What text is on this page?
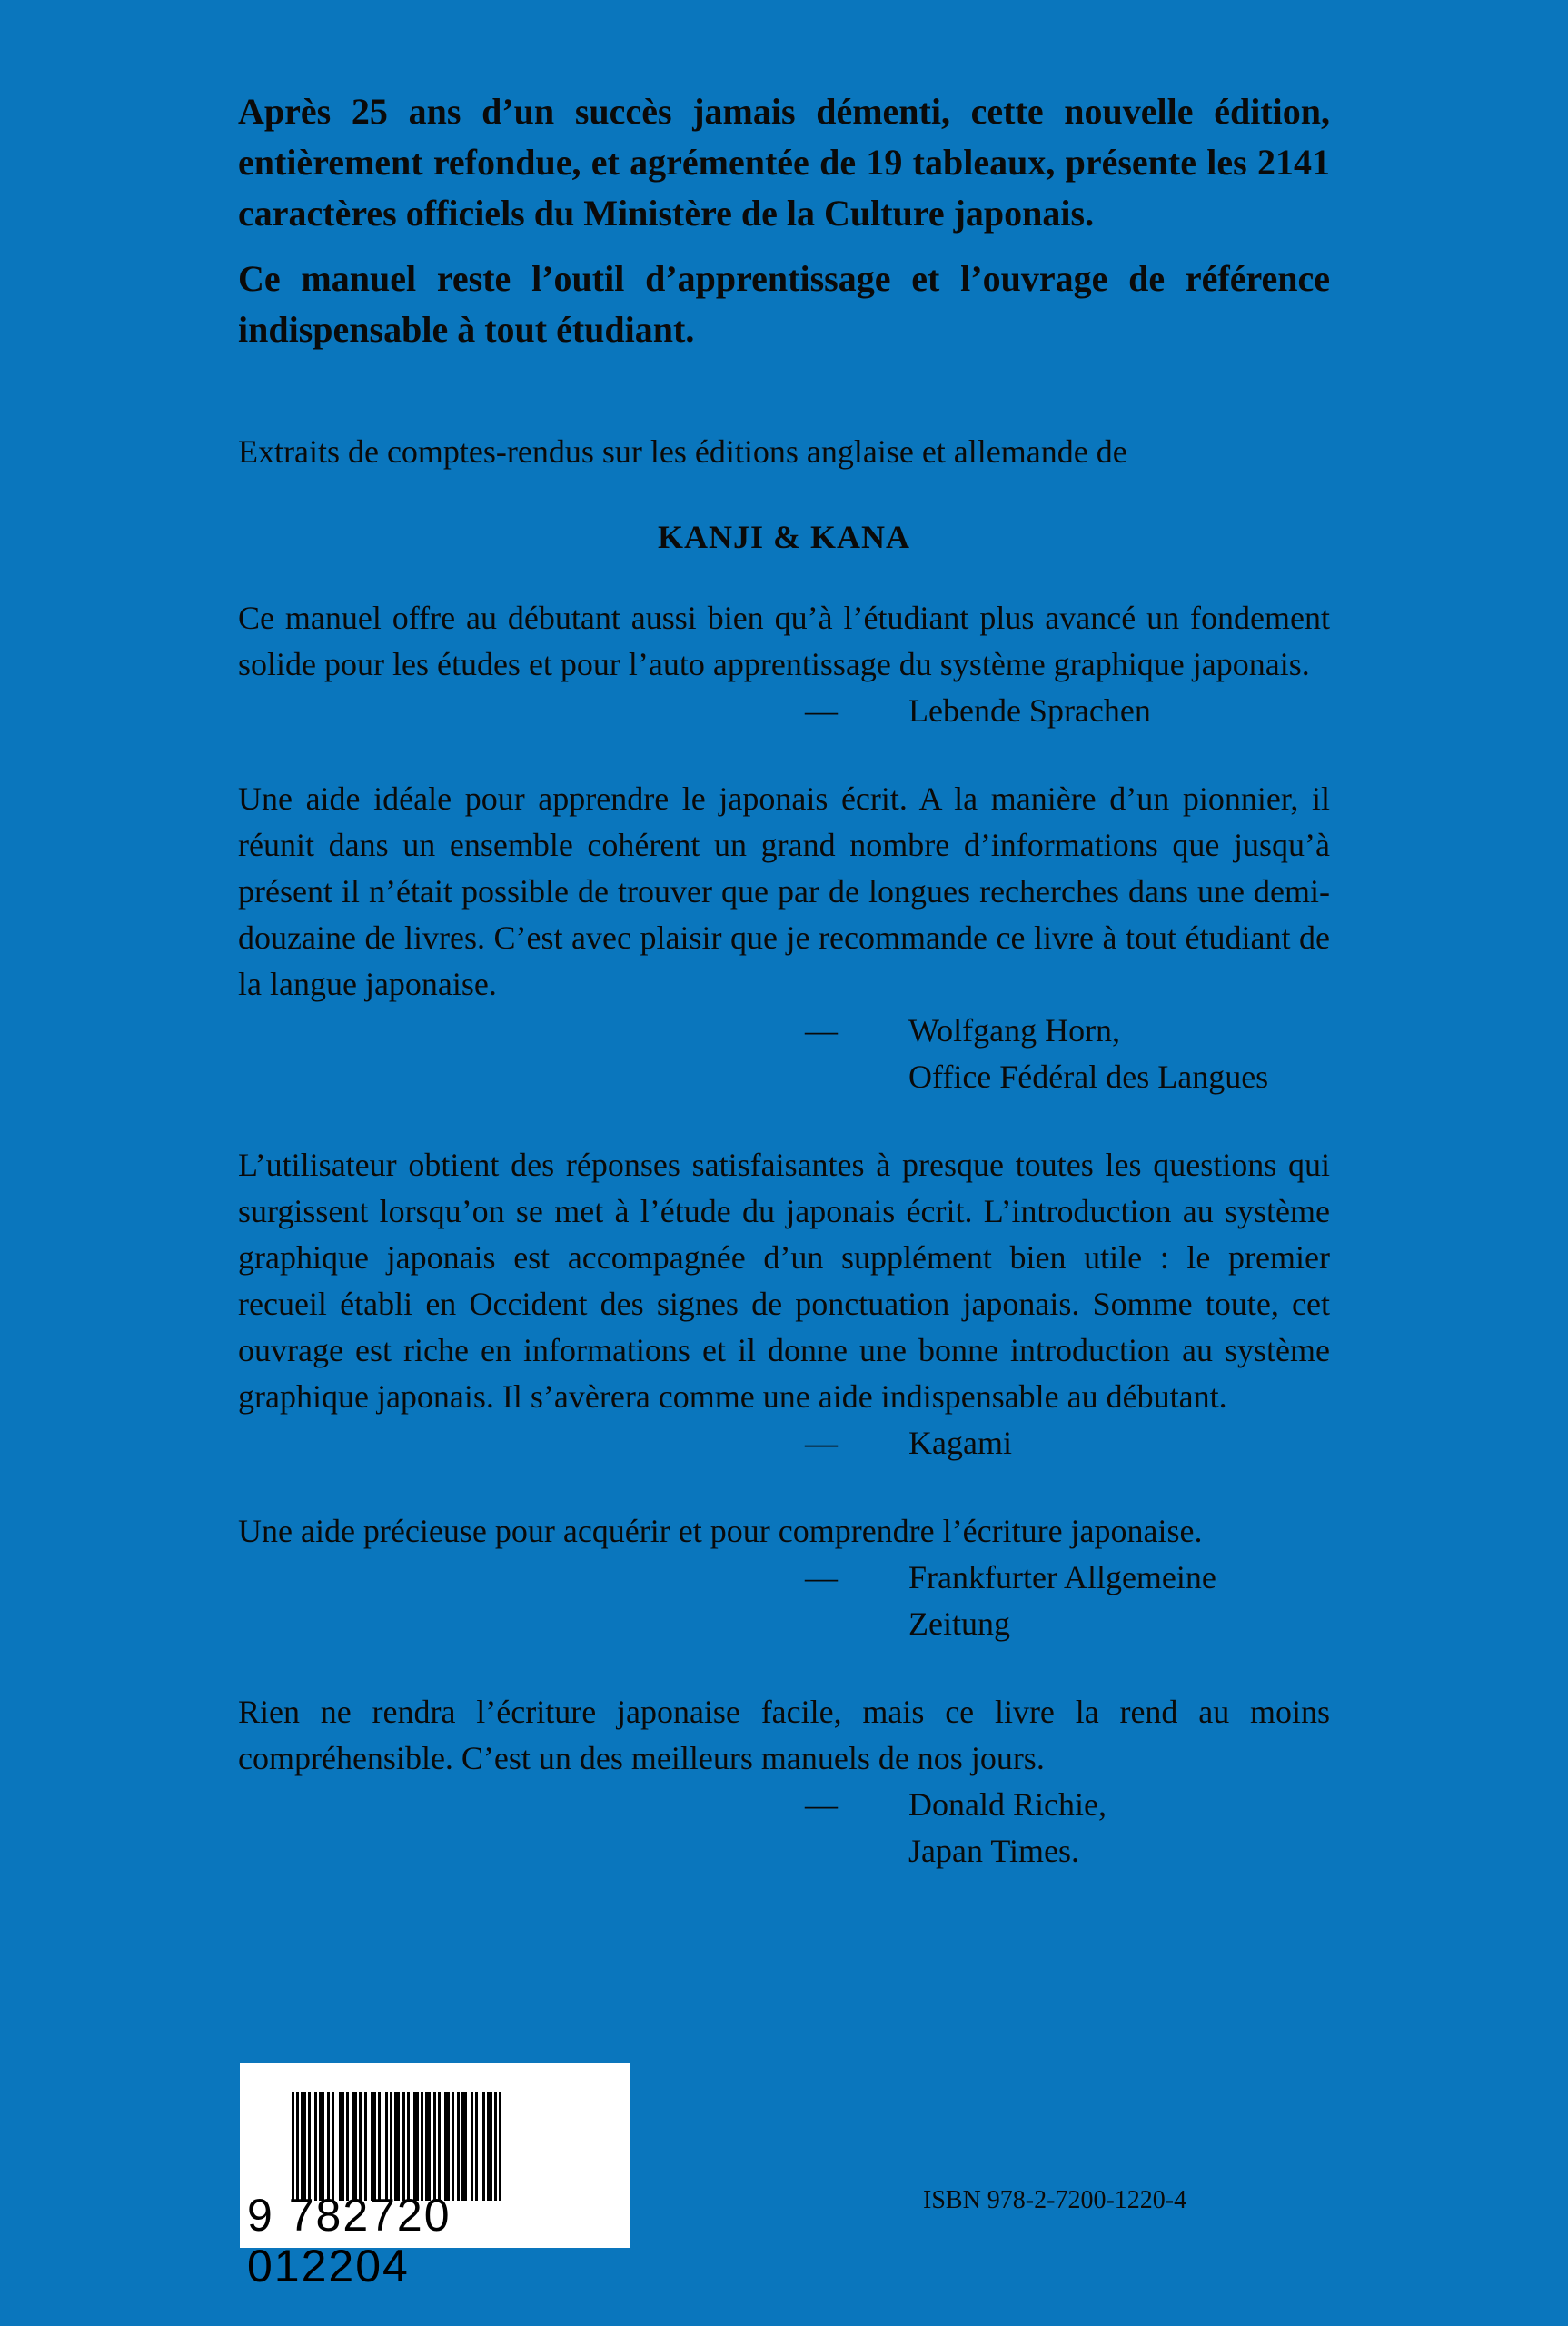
Après 25 ans d’un succès jamais démenti, cette nouvelle édition, entièrement refondue, et agrémentée de 19 tableaux, présente les 2141 caractères officiels du Ministère de la Culture japonais.

Ce manuel reste l’outil d’apprentissage et l’ouvrage de référence indispensable à tout étudiant.

Extraits de comptes-rendus sur les éditions anglaise et allemande de
KANJI & KANA

Ce manuel offre au débutant aussi bien qu’à l’étudiant plus avancé un fondement solide pour les études et pour l’auto apprentissage du système graphique japonais.

—	Lebende Sprachen

Une aide idéale pour apprendre le japonais écrit. A la manière d’un pionnier, il réunit dans un ensemble cohérent un grand nombre d’informations que jusqu’à présent il n’était possible de trouver que par de longues recherches dans une demi-douzaine de livres. C’est avec plaisir que je recommande ce livre à tout étudiant de la langue japonaise.

—	Wolfgang Horn,
Office Fédéral des Langues

L’utilisateur obtient des réponses satisfaisantes à presque toutes les questions qui surgissent lorsqu’on se met à l’étude du japonais écrit. L’introduction au système graphique japonais est accompagnée d’un supplément bien utile : le premier recueil établi en Occident des signes de ponctuation japonais. Somme toute, cet ouvrage est riche en informations et il donne une bonne introduction au système graphique japonais. Il s’avèrera comme une aide indispensable au débutant.

—	Kagami

Une aide précieuse pour acquérir et pour comprendre l’écriture japonaise.

—	Frankfurter Allgemeine
Zeitung

Rien ne rendra l’écriture japonaise facile, mais ce livre la rend au moins compréhensible. C’est un des meilleurs manuels de nos jours.

—	Donald Richie,
Japan Times.
9 782720 012204
ISBN 978-2-7200-1220-4
